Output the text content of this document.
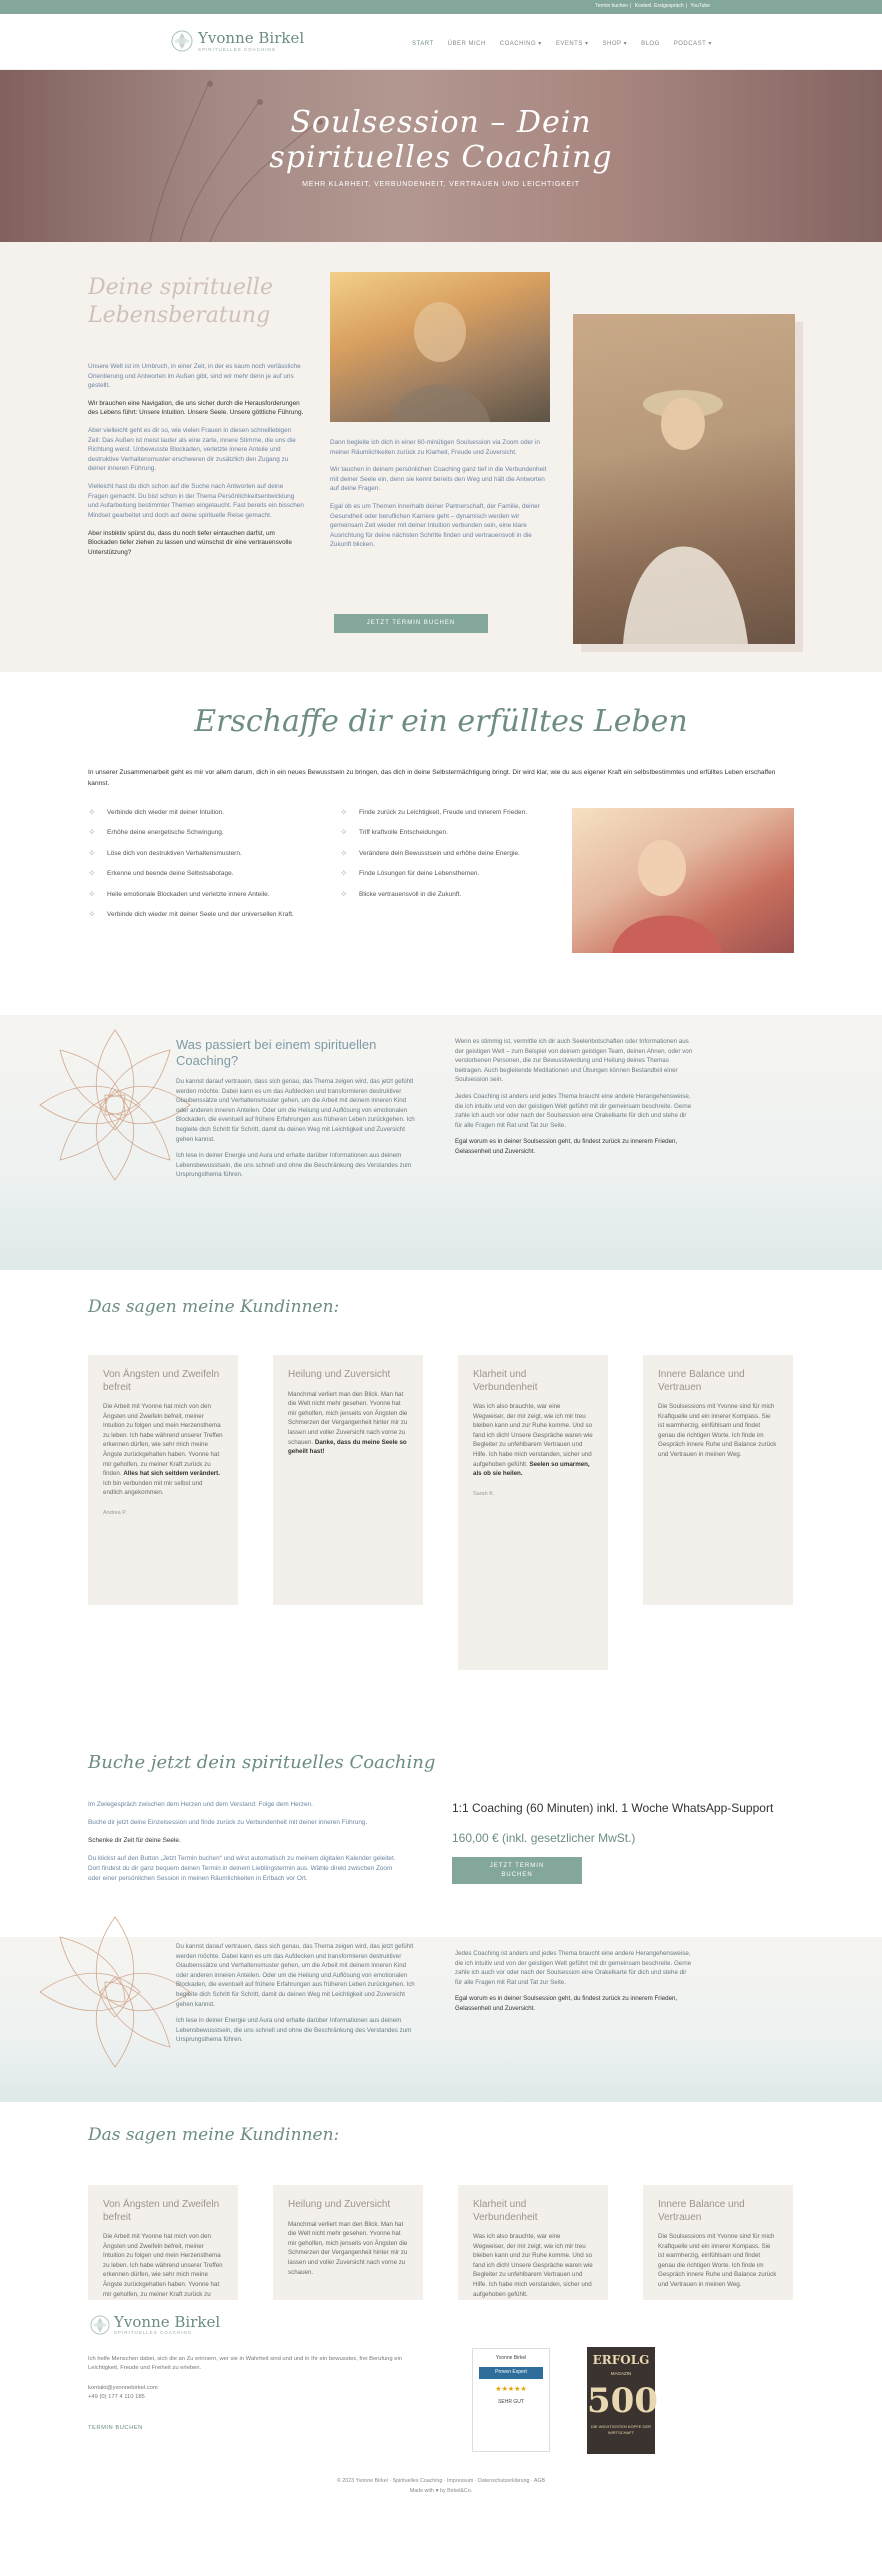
Termin buchen | Kostenl. Erstgespräch | YouTube
Yvonne Birkel
SPIRITUELLES COACHING
START ÜBER MICH COACHING ▾ EVENTS ▾ SHOP ▾ BLOG PODCAST ▾
Soulsession – Dein
spirituelles Coaching
MEHR KLARHEIT, VERBUNDENHEIT, VERTRAUEN UND LEICHTIGKEIT
Deine spirituelle Lebensberatung

Unsere Welt ist im Umbruch, in einer Zeit, in der es kaum noch verlässliche Orientierung und Antworten im Außen gibt, sind wir mehr denn je auf uns gestellt.

Wir brauchen eine Navigation, die uns sicher durch die Herausforderungen des Lebens führt: Unsere Intuition. Unsere Seele. Unsere göttliche Führung.

Aber vielleicht geht es dir so, wie vielen Frauen in diesen schnelllebigen Zeit: Das Außen ist meist lauter als eine zarte, innere Stimme, die uns die Richtung weist. Unbewusste Blockaden, verletzte innere Anteile und destruktive Verhaltensmuster erschweren dir zusätzlich den Zugang zu deiner inneren Führung.

Vielleicht hast du dich schon auf die Suche nach Antworten auf deine Fragen gemacht. Du bist schon in der Thema Persönlichkeitsentwicklung und Aufarbeitung bestimmter Themen eingetaucht. Fast bereits ein bisschen Mindset gearbeitet und doch auf deine spirituelle Reise gemacht.

Aber insbiktiv spürst du, dass du noch tiefer eintauchen darfst, um Blockaden tiefer ziehen zu lassen und wünschst dir eine vertrauensvolle Unterstützung?

Dann begleite ich dich in einer 60-minütigen Soulsession via Zoom oder in meiner Räumlichkeiten zurück zu Klarheit, Freude und Zuversicht.

Wir tauchen in deinem persönlichen Coaching ganz tief in die Verbundenheit mit deiner Seele ein, denn sie kennt bereits den Weg und hält die Antworten auf deine Fragen.

Egal ob es um Themen innerhalb deiner Partnerschaft, der Familie, deiner Gesundheit oder beruflichen Karriere geht – dynamisch werden wir gemeinsam Zeit wieder mit deiner Intuition verbunden sein, eine klare Ausrichtung für deine nächsten Schritte finden und vertrauensvoll in die Zukunft blicken.

JETZT TERMIN BUCHEN
Erschaffe dir ein erfülltes Leben
In unserer Zusammenarbeit geht es mir vor allem darum, dich in ein neues Bewusstsein zu bringen, das dich in deine Selbstermächtigung bringt. Dir wird klar, wie du aus eigener Kraft ein selbstbestimmtes und erfülltes Leben erschaffen kannst.
✧	Verbinde dich wieder mit deiner Intuition.
✧	Erhöhe deine energetische Schwingung.
✧	Löse dich von destruktiven Verhaltensmustern.
✧	Erkenne und beende deine Selbstsabotage.
✧	Heile emotionale Blockaden und verletzte innere Anteile.
✧	Verbinde dich wieder mit deiner Seele und der universellen Kraft.
✧	Finde zurück zu Leichtigkeit, Freude und innerem Frieden.
✧	Triff kraftvolle Entscheidungen.
✧	Verändere dein Bewusstsein und erhöhe deine Energie.
✧	Finde Lösungen für deine Lebensthemen.
✧	Blicke vertrauensvoll in die Zukunft.
Was passiert bei einem spirituellen Coaching?

Du kannst darauf vertrauen, dass sich genau, das Thema zeigen wird, das jetzt gefühlt werden möchte. Dabei kann es um das Aufdecken und transformieren destruktiver Glaubenssätze und Verhaltensmuster gehen, um die Arbeit mit deinem inneren Kind oder anderen inneren Anteilen. Oder um die Heilung und Auflösung von emotionalen Blockaden, die eventuell auf frühere Erfahrungen aus früheren Leben zurückgehen. Ich begleite dich Schritt für Schritt, damit du deinen Weg mit Leichtigkeit und Zuversicht gehen kannst.

Ich lese in deiner Energie und Aura und erhalte darüber Informationen aus deinem Lebensbewusstsein, die uns schnell und ohne die Beschränkung des Verstandes zum Ursprungsthema führen.

Wenn es stimmig ist, vermittle ich dir auch Seelenbotschaften oder Informationen aus der geistigen Welt – zum Beispiel von deinem geistigen Team, deinen Ahnen, oder von verstorbenen Personen, die zur Bewusstwerdung und Heilung deines Themas beitragen. Auch begleitende Meditationen und Übungen können Bestandteil einer Soulsession sein.

Jedes Coaching ist anders und jedes Thema braucht eine andere Herangehensweise, die ich intuitiv und von der geistigen Welt geführt mit dir gemeinsam beschreite. Gerne zahle ich auch vor oder nach der Soulsession eine Orakelkarte für dich und stehe dir für alle Fragen mit Rat und Tat zur Seite.

Egal worum es in deiner Soulsession geht, du findest zurück zu innerem Frieden, Gelassenheit und Zuversicht.

Das sagen meine Kundinnen:
Von Ängsten und Zweifeln befreit
Die Arbeit mit Yvonne hat mich von den Ängsten und Zweifeln befreit, meiner Intuition zu folgen und mein Herzensthema zu leben. Ich habe während unserer Treffen erkennen dürfen, wie sehr mich meine Ängste zurückgehalten haben. Yvonne hat mir geholfen, zu meiner Kraft zurück zu finden. Alles hat sich seitdem verändert. Ich bin verbunden mit mir selbst und endlich angekommen.
Andrea P.
Heilung und Zuversicht
Manchmal verliert man den Blick. Man hat die Welt nicht mehr gesehen. Yvonne hat mir geholfen, mich jenseits von Ängsten die Schmerzen der Vergangenheit hinter mir zu lassen und voller Zuversicht nach vorne zu schauen. Danke, dass du meine Seele so geheilt hast!
Klarheit und Verbundenheit
Was ich also brauchte, war eine Wegweiser, der mir zeigt, wie ich mir treu bleiben kann und zur Ruhe komme. Und so fand ich dich! Unsere Gespräche waren wie Begleiter zu unfehlbarem Vertrauen und Hilfe. Ich habe mich verstanden, sicher und aufgehoben gefühlt. Seelen so umarmen, als ob sie heilen.
Sarah K.
Innere Balance und Vertrauen
Die Soulsessions mit Yvonne sind für mich Kraftquelle und ein innerer Kompass. Sie ist warmherzig, einfühlsam und findet genau die richtigen Worte. Ich finde im Gespräch innere Ruhe und Balance zurück und Vertrauen in meinen Weg.
Buche jetzt dein spirituelles Coaching

Im Zwiegespräch zwischen dem Herzen und dem Verstand: Folge dem Herzen.

Buche dir jetzt deine Einzelsession und finde zurück zu Verbundenheit mit deiner inneren Führung.

Schenke dir Zeit für deine Seele.

Du klickst auf den Button „Jetzt Termin buchen“ und wirst automatisch zu meinem digitalen Kalender geleitet. Dort findest du dir ganz bequem deinen Termin in deinem Lieblingstermin aus. Wähle direkt zwischen Zoom oder einer persönlichen Session in meinen Räumlichkeiten in Erlbach vor Ort.

1:1 Coaching (60 Minuten) inkl. 1 Woche WhatsApp-Support
160,00 € (inkl. gesetzlicher MwSt.)
JETZT TERMIN BUCHEN

Du kannst darauf vertrauen, dass sich genau, das Thema zeigen wird, das jetzt gefühlt werden möchte. Dabei kann es um das Aufdecken und transformieren destruktiver Glaubenssätze und Verhaltensmuster gehen, um die Arbeit mit deinem inneren Kind oder anderen inneren Anteilen. Oder um die Heilung und Auflösung von emotionalen Blockaden, die eventuell auf frühere Erfahrungen aus früheren Leben zurückgehen. Ich begleite dich Schritt für Schritt, damit du deinen Weg mit Leichtigkeit und Zuversicht gehen kannst.

Ich lese in deiner Energie und Aura und erhalte darüber Informationen aus deinem Lebensbewusstsein, die uns schnell und ohne die Beschränkung des Verstandes zum Ursprungsthema führen.

Jedes Coaching ist anders und jedes Thema braucht eine andere Herangehensweise, die ich intuitiv und von der geistigen Welt geführt mit dir gemeinsam beschreite. Gerne zahle ich auch vor oder nach der Soulsession eine Orakelkarte für dich und stehe dir für alle Fragen mit Rat und Tat zur Seite.

Egal worum es in deiner Soulsession geht, du findest zurück zu innerem Frieden, Gelassenheit und Zuversicht.

Das sagen meine Kundinnen:
Von Ängsten und Zweifeln befreit
Die Arbeit mit Yvonne hat mich von den Ängsten und Zweifeln befreit, meiner Intuition zu folgen und mein Herzensthema zu leben. Ich habe während unserer Treffen erkennen dürfen, wie sehr mich meine Ängste zurückgehalten haben. Yvonne hat mir geholfen, zu meiner Kraft zurück zu
Heilung und Zuversicht
Manchmal verliert man den Blick. Man hat die Welt nicht mehr gesehen. Yvonne hat mir geholfen, mich jenseits von Ängsten die Schmerzen der Vergangenheit hinter mir zu lassen und voller Zuversicht nach vorne zu schauen.
Klarheit und Verbundenheit
Was ich also brauchte, war eine Wegweiser, der mir zeigt, wie ich mir treu bleiben kann und zur Ruhe komme. Und so fand ich dich! Unsere Gespräche waren wie Begleiter zu unfehlbarem Vertrauen und Hilfe. Ich habe mich verstanden, sicher und aufgehoben gefühlt.
Innere Balance und Vertrauen
Die Soulsessions mit Yvonne sind für mich Kraftquelle und ein innerer Kompass. Sie ist warmherzig, einfühlsam und findet genau die richtigen Worte. Ich finde im Gespräch innere Ruhe und Balance zurück und Vertrauen in meinen Weg.
Yvonne Birkel
SPIRITUELLES COACHING
Ich helfe Menschen dabei, sich die an Zu erinnern, wer sie in Wahrheit sind und und in Ihr ein bewusstes, frei Berufung ein Leichtigkeit, Freude und Freiheit zu erleben.
kontakt@yvonnebirkel.com
+49 (0) 177 4 110 185
TERMIN BUCHEN
Yvonne Birkel
Proven Expert
★★★★★
SEHR GUT
ERFOLG
MAGAZIN
500
DIE WICHTIGSTEN KÖPFE DER WIRTSCHAFT
© 2023 Yvonne Birkel · Spirituelles Coaching · Impressum · Datenschutzerklärung · AGB
Made with ♥ by Birkel&Co.
